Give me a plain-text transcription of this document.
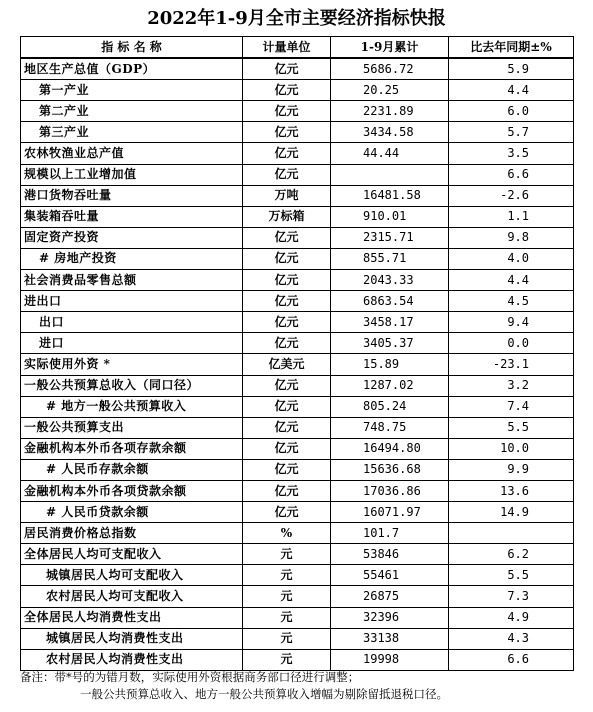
2022年1-9月全市主要经济指标快报
指 标 名 称	计量单位	1-9月累计	比去年同期±%
地区生产总值（GDP）	亿元	5686.72	5.9
第一产业	亿元	20.25	4.4
第二产业	亿元	2231.89	6.0
第三产业	亿元	3434.58	5.7
农林牧渔业总产值	亿元	44.44	3.5
规模以上工业增加值	亿元		6.6
港口货物吞吐量	万吨	16481.58	-2.6
集装箱吞吐量	万标箱	910.01	1.1
固定资产投资	亿元	2315.71	9.8
# 房地产投资	亿元	855.71	4.0
社会消费品零售总额	亿元	2043.33	4.4
进出口	亿元	6863.54	4.5
出口	亿元	3458.17	9.4
进口	亿元	3405.37	0.0
实际使用外资 *	亿美元	15.89	-23.1
一般公共预算总收入（同口径）	亿元	1287.02	3.2
# 地方一般公共预算收入	亿元	805.24	7.4
一般公共预算支出	亿元	748.75	5.5
金融机构本外币各项存款余额	亿元	16494.80	10.0
# 人民币存款余额	亿元	15636.68	9.9
金融机构本外币各项贷款余额	亿元	17036.86	13.6
# 人民币贷款余额	亿元	16071.97	14.9
居民消费价格总指数	%	101.7	
全体居民人均可支配收入	元	53846	6.2
城镇居民人均可支配收入	元	55461	5.5
农村居民人均可支配收入	元	26875	7.3
全体居民人均消费性支出	元	32396	4.9
城镇居民人均消费性支出	元	33138	4.3
农村居民人均消费性支出	元	19998	6.6
备注：带*号的为错月数，实际使用外资根据商务部口径进行调整；
一般公共预算总收入、地方一般公共预算收入增幅为剔除留抵退税口径。
